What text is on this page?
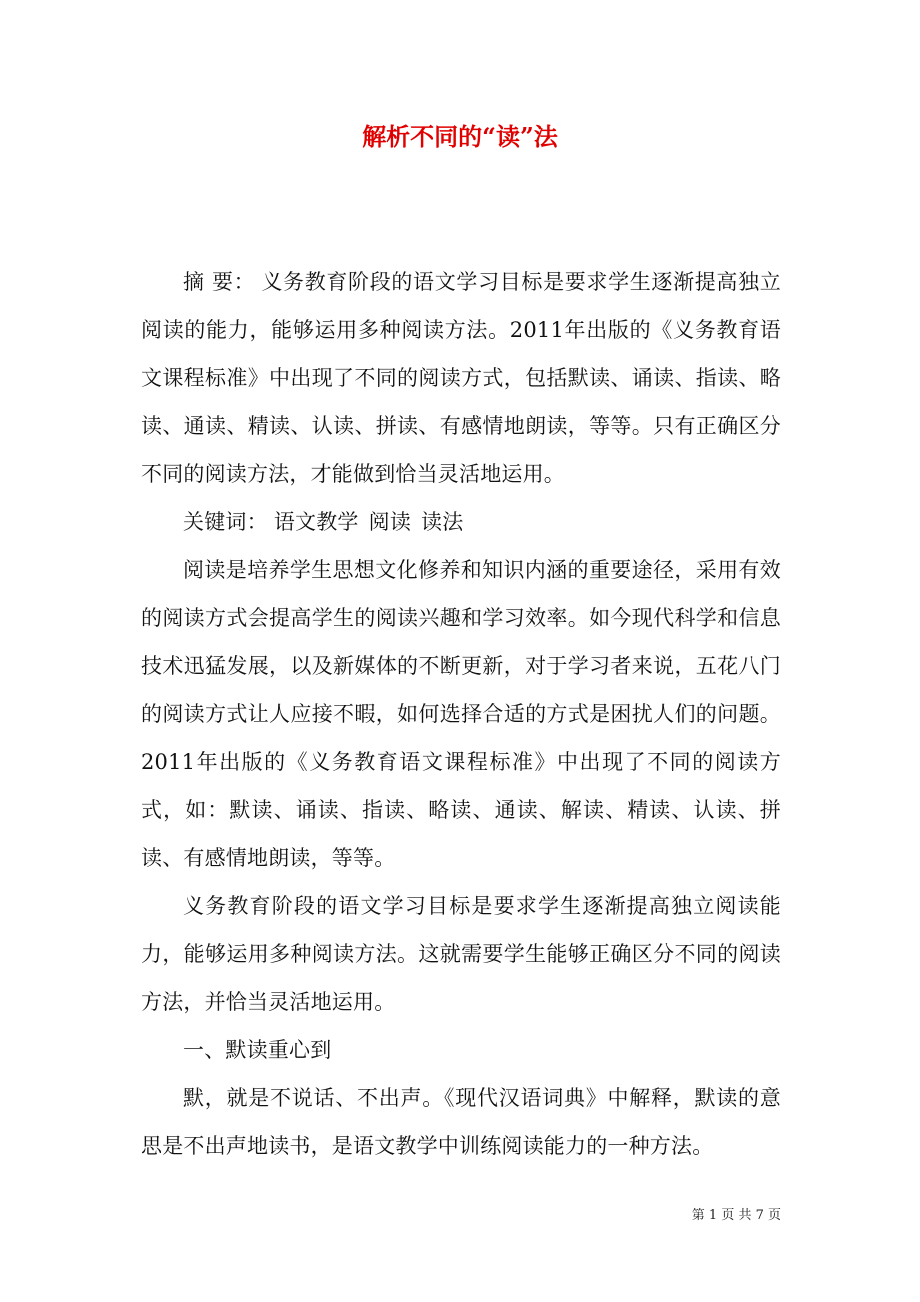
解析不同的“读”法

摘 要： 义务教育阶段的语文学习目标是要求学生逐渐提高独立阅读的能力，能够运用多种阅读方法。2011年出版的《义务教育语文课程标准》中出现了不同的阅读方式，包括默读、诵读、指读、略读、通读、精读、认读、拼读、有感情地朗读，等等。只有正确区分不同的阅读方法，才能做到恰当灵活地运用。

关键词： 语文教学 阅读 读法

阅读是培养学生思想文化修养和知识内涵的重要途径，采用有效的阅读方式会提高学生的阅读兴趣和学习效率。如今现代科学和信息技术迅猛发展，以及新媒体的不断更新，对于学习者来说，五花八门的阅读方式让人应接不暇，如何选择合适的方式是困扰人们的问题。2011年出版的《义务教育语文课程标准》中出现了不同的阅读方式，如：默读、诵读、指读、略读、通读、解读、精读、认读、拼读、有感情地朗读，等等。

义务教育阶段的语文学习目标是要求学生逐渐提高独立阅读能力，能够运用多种阅读方法。这就需要学生能够正确区分不同的阅读方法，并恰当灵活地运用。

一、默读重心到

默，就是不说话、不出声。《现代汉语词典》中解释，默读的意思是不出声地读书，是语文教学中训练阅读能力的一种方法。

第 1 页 共 7 页
